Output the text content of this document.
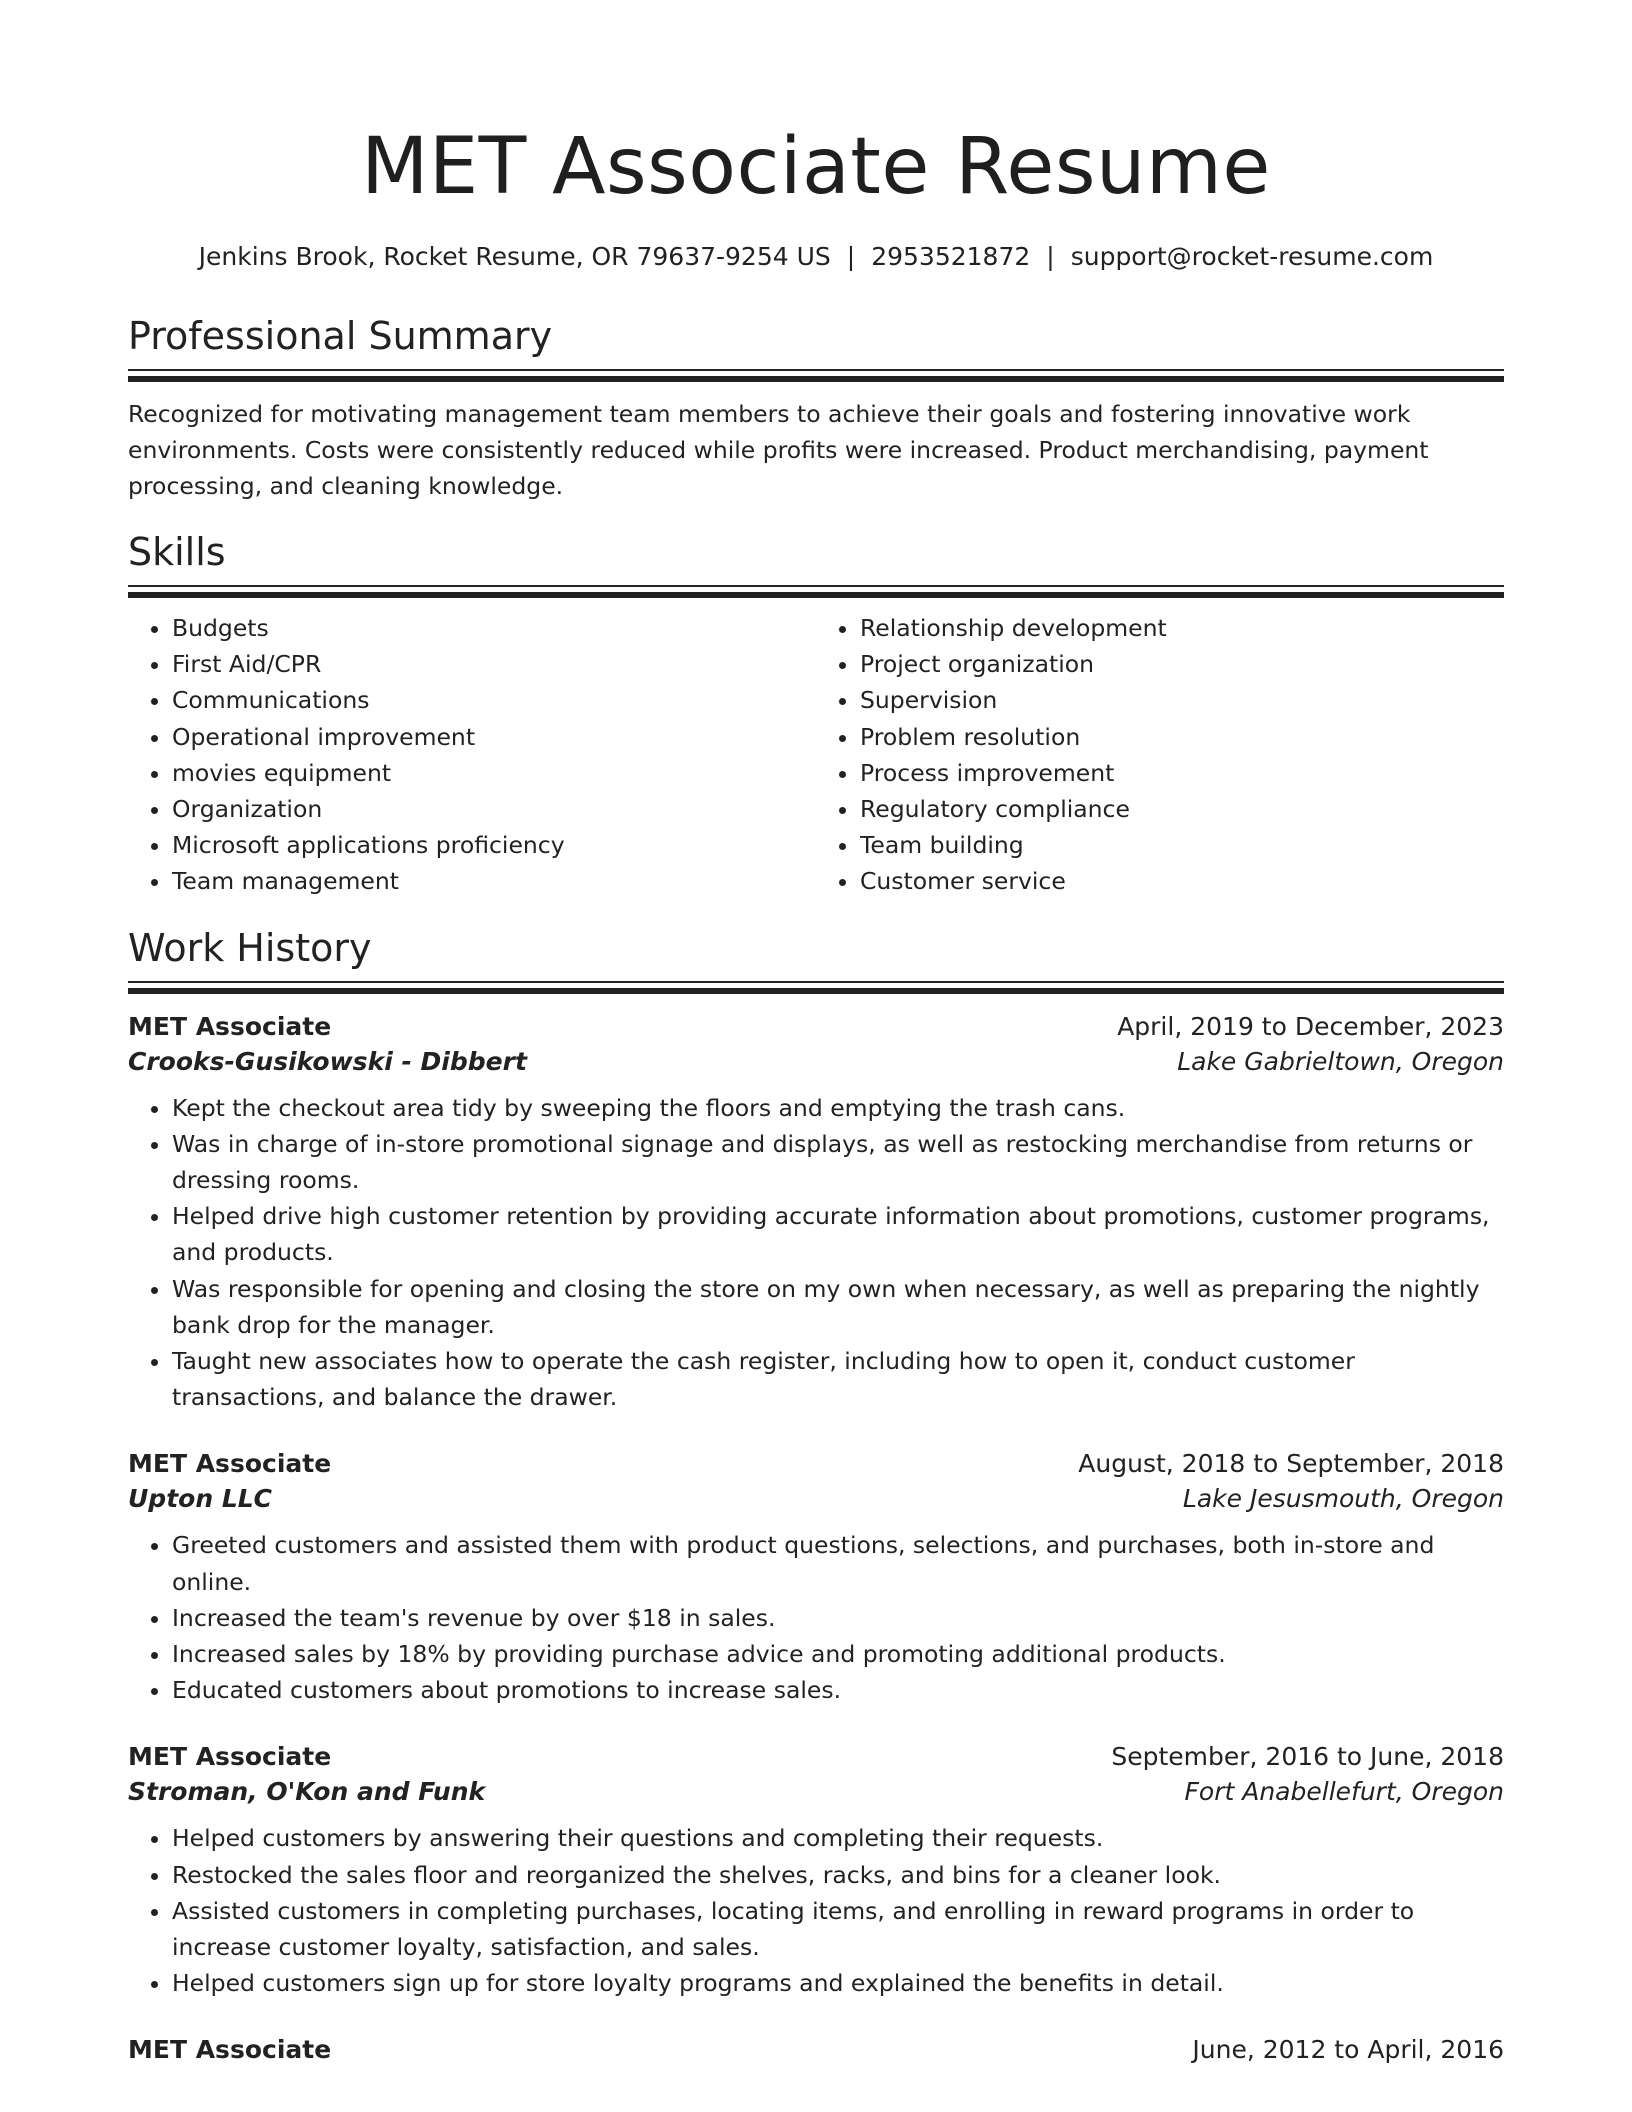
MET Associate Resume
Jenkins Brook, Rocket Resume, OR 79637-9254 US | 2953521872 | support@rocket-resume.com
Professional Summary

Recognized for motivating management team members to achieve their goals and fostering innovative work environments. Costs were consistently reduced while profits were increased. Product merchandising, payment processing, and cleaning knowledge.

Skills
• Budgets
• First Aid/CPR
• Communications
• Operational improvement
• movies equipment
• Organization
• Microsoft applications proficiency
• Team management
• Relationship development
• Project organization
• Supervision
• Problem resolution
• Process improvement
• Regulatory compliance
• Team building
• Customer service
Work History
MET Associate	April, 2019 to December, 2023
Crooks-Gusikowski - Dibbert	Lake Gabrieltown, Oregon
• Kept the checkout area tidy by sweeping the floors and emptying the trash cans.
• Was in charge of in-store promotional signage and displays, as well as restocking merchandise from returns or dressing rooms.
• Helped drive high customer retention by providing accurate information about promotions, customer programs, and products.
• Was responsible for opening and closing the store on my own when necessary, as well as preparing the nightly bank drop for the manager.
• Taught new associates how to operate the cash register, including how to open it, conduct customer transactions, and balance the drawer.
MET Associate	August, 2018 to September, 2018
Upton LLC	Lake Jesusmouth, Oregon
• Greeted customers and assisted them with product questions, selections, and purchases, both in-store and online.
• Increased the team's revenue by over $18 in sales.
• Increased sales by 18% by providing purchase advice and promoting additional products.
• Educated customers about promotions to increase sales.
MET Associate	September, 2016 to June, 2018
Stroman, O'Kon and Funk	Fort Anabellefurt, Oregon
• Helped customers by answering their questions and completing their requests.
• Restocked the sales floor and reorganized the shelves, racks, and bins for a cleaner look.
• Assisted customers in completing purchases, locating items, and enrolling in reward programs in order to increase customer loyalty, satisfaction, and sales.
• Helped customers sign up for store loyalty programs and explained the benefits in detail.
MET Associate	June, 2012 to April, 2016
